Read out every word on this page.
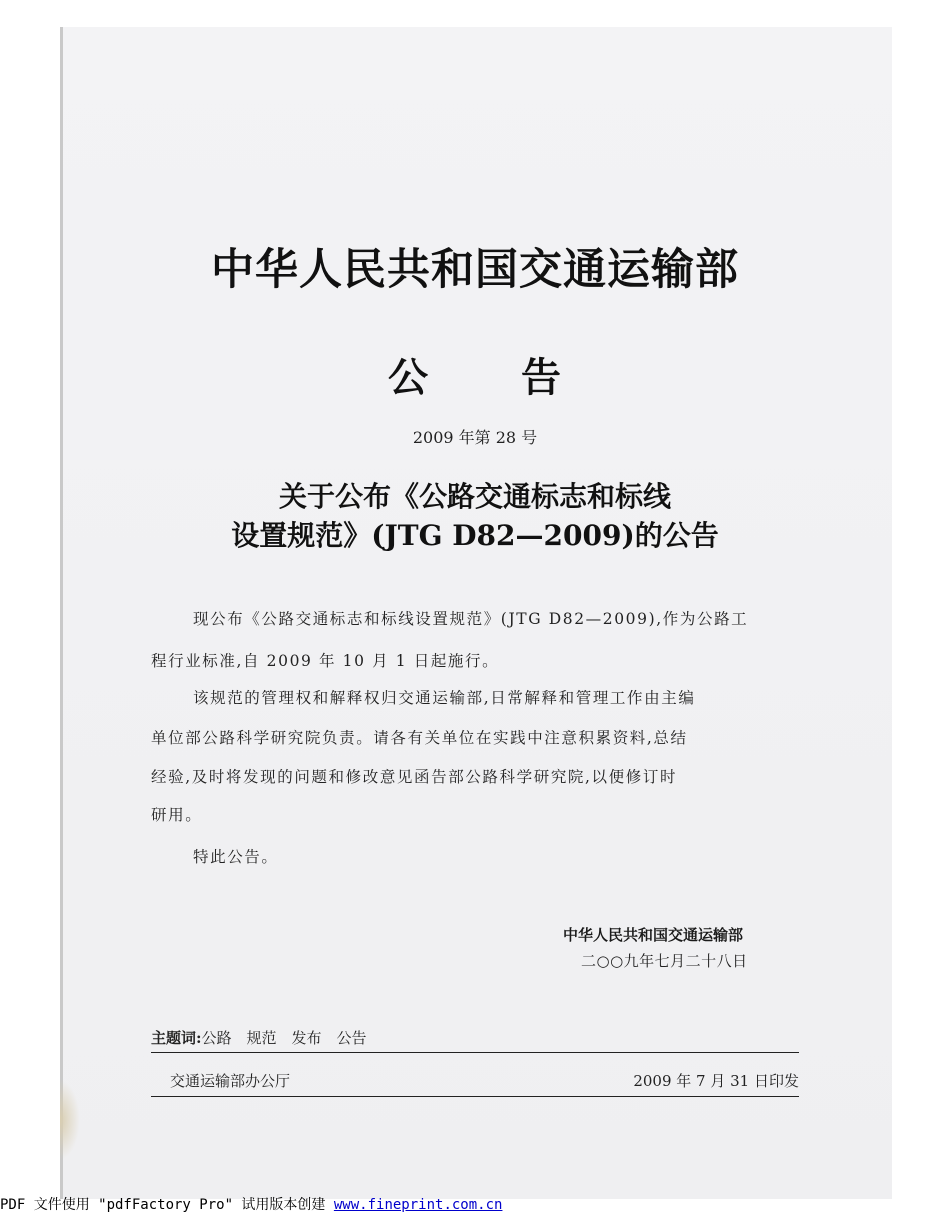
中华人民共和国交通运输部
公 告
2009 年第 28 号
关于公布《公路交通标志和标线
设置规范》(JTG D82—2009)的公告
现公布《公路交通标志和标线设置规范》(JTG D82—2009),作为公路工
程行业标准,自 2009 年 10 月 1 日起施行。
该规范的管理权和解释权归交通运输部,日常解释和管理工作由主编
单位部公路科学研究院负责。请各有关单位在实践中注意积累资料,总结
经验,及时将发现的问题和修改意见函告部公路科学研究院,以便修订时
研用。
特此公告。
中华人民共和国交通运输部
二○○九年七月二十八日
主题词:公路　规范　发布　公告
交通运输部办公厅	2009 年 7 月 31 日印发
PDF 文件使用 "pdfFactory Pro" 试用版本创建 www.fineprint.com.cn
